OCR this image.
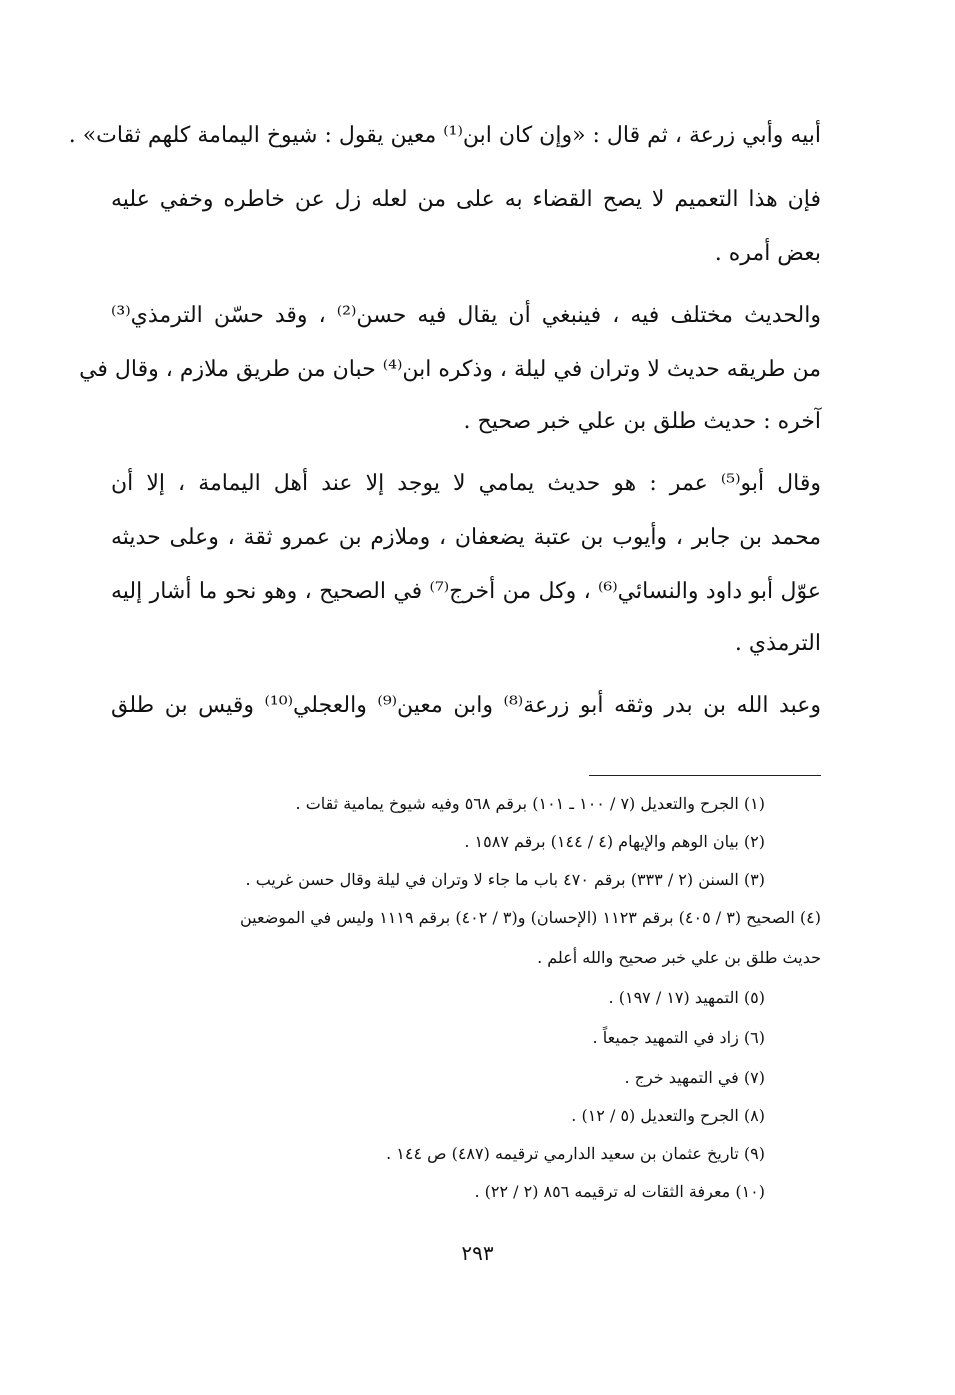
أبيه وأبي زرعة ، ثم قال : «وإن كان ابن⁽¹⁾ معين يقول : شيوخ اليمامة كلهم ثقات» .
فإن هذا التعميم لا يصح القضاء به على من لعله زل عن خاطره وخفي عليه
بعض أمره .
والحديث مختلف فيه ، فينبغي أن يقال فيه حسن⁽²⁾ ، وقد حسّن الترمذي⁽³⁾
من طريقه حديث لا وتران في ليلة ، وذكره ابن⁽⁴⁾ حبان من طريق ملازم ، وقال في
آخره : حديث طلق بن علي خبر صحيح .
وقال أبو⁽⁵⁾ عمر : هو حديث يمامي لا يوجد إلا عند أهل اليمامة ، إلا أن
محمد بن جابر ، وأيوب بن عتبة يضعفان ، وملازم بن عمرو ثقة ، وعلى حديثه
عوّل أبو داود والنسائي⁽⁶⁾ ، وكل من أخرج⁽⁷⁾ في الصحيح ، وهو نحو ما أشار إليه
الترمذي .
وعبد الله بن بدر وثقه أبو زرعة⁽⁸⁾ وابن معين⁽⁹⁾ والعجلي⁽¹⁰⁾ وقيس بن طلق
(١) الجرح والتعديل (٧ / ١٠٠ ـ ١٠١) برقم ٥٦٨ وفيه شيوخ يمامية ثقات .
(٢) بيان الوهم والإيهام (٤ / ١٤٤) برقم ١٥٨٧ .
(٣) السنن (٢ / ٣٣٣) برقم ٤٧٠ باب ما جاء لا وتران في ليلة وقال حسن غريب .
(٤) الصحيح (٣ / ٤٠٥) برقم ١١٢٣ (الإحسان) و(٣ / ٤٠٢) برقم ١١١٩ وليس في الموضعين
حديث طلق بن علي خبر صحيح والله أعلم .
(٥) التمهيد (١٧ / ١٩٧) .
(٦) زاد في التمهيد جميعاً .
(٧) في التمهيد خرج .
(٨) الجرح والتعديل (٥ / ١٢) .
(٩) تاريخ عثمان بن سعيد الدارمي ترقيمه (٤٨٧) ص ١٤٤ .
(١٠) معرفة الثقات له ترقيمه ٨٥٦ (٢ / ٢٢) .
٢٩٣
